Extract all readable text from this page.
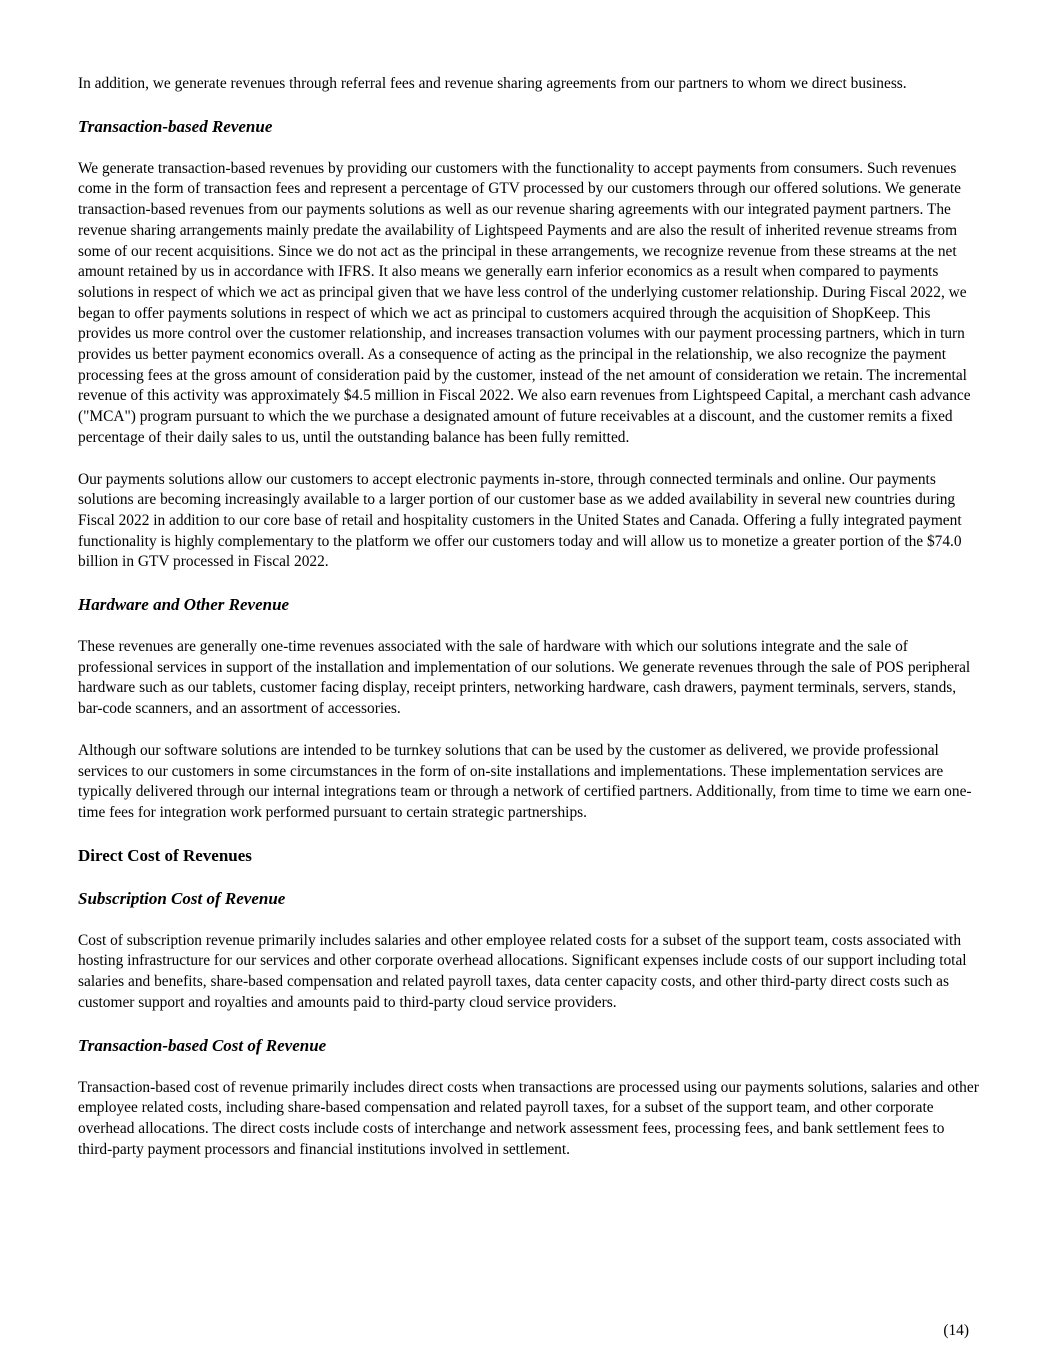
In addition, we generate revenues through referral fees and revenue sharing agreements from our partners to whom we direct business.

Transaction-based Revenue

We generate transaction-based revenues by providing our customers with the functionality to accept payments from consumers. Such revenues come in the form of transaction fees and represent a percentage of GTV processed by our customers through our offered solutions. We generate transaction-based revenues from our payments solutions as well as our revenue sharing agreements with our integrated payment partners. The revenue sharing arrangements mainly predate the availability of Lightspeed Payments and are also the result of inherited revenue streams from some of our recent acquisitions. Since we do not act as the principal in these arrangements, we recognize revenue from these streams at the net amount retained by us in accordance with IFRS. It also means we generally earn inferior economics as a result when compared to payments solutions in respect of which we act as principal given that we have less control of the underlying customer relationship. During Fiscal 2022, we began to offer payments solutions in respect of which we act as principal to customers acquired through the acquisition of ShopKeep. This provides us more control over the customer relationship, and increases transaction volumes with our payment processing partners, which in turn provides us better payment economics overall. As a consequence of acting as the principal in the relationship, we also recognize the payment processing fees at the gross amount of consideration paid by the customer, instead of the net amount of consideration we retain. The incremental revenue of this activity was approximately $4.5 million in Fiscal 2022. We also earn revenues from Lightspeed Capital, a merchant cash advance ("MCA") program pursuant to which the we purchase a designated amount of future receivables at a discount, and the customer remits a fixed percentage of their daily sales to us, until the outstanding balance has been fully remitted.

Our payments solutions allow our customers to accept electronic payments in-store, through connected terminals and online. Our payments solutions are becoming increasingly available to a larger portion of our customer base as we added availability in several new countries during Fiscal 2022 in addition to our core base of retail and hospitality customers in the United States and Canada. Offering a fully integrated payment functionality is highly complementary to the platform we offer our customers today and will allow us to monetize a greater portion of the $74.0 billion in GTV processed in Fiscal 2022.

Hardware and Other Revenue

These revenues are generally one-time revenues associated with the sale of hardware with which our solutions integrate and the sale of professional services in support of the installation and implementation of our solutions. We generate revenues through the sale of POS peripheral hardware such as our tablets, customer facing display, receipt printers, networking hardware, cash drawers, payment terminals, servers, stands, bar-code scanners, and an assortment of accessories.

Although our software solutions are intended to be turnkey solutions that can be used by the customer as delivered, we provide professional services to our customers in some circumstances in the form of on-site installations and implementations. These implementation services are typically delivered through our internal integrations team or through a network of certified partners. Additionally, from time to time we earn one-time fees for integration work performed pursuant to certain strategic partnerships.

Direct Cost of Revenues
Subscription Cost of Revenue

Cost of subscription revenue primarily includes salaries and other employee related costs for a subset of the support team, costs associated with hosting infrastructure for our services and other corporate overhead allocations. Significant expenses include costs of our support including total salaries and benefits, share-based compensation and related payroll taxes, data center capacity costs, and other third-party direct costs such as customer support and royalties and amounts paid to third-party cloud service providers.

Transaction-based Cost of Revenue

Transaction-based cost of revenue primarily includes direct costs when transactions are processed using our payments solutions, salaries and other employee related costs, including share-based compensation and related payroll taxes, for a subset of the support team, and other corporate overhead allocations. The direct costs include costs of interchange and network assessment fees, processing fees, and bank settlement fees to third-party payment processors and financial institutions involved in settlement.

(14)
